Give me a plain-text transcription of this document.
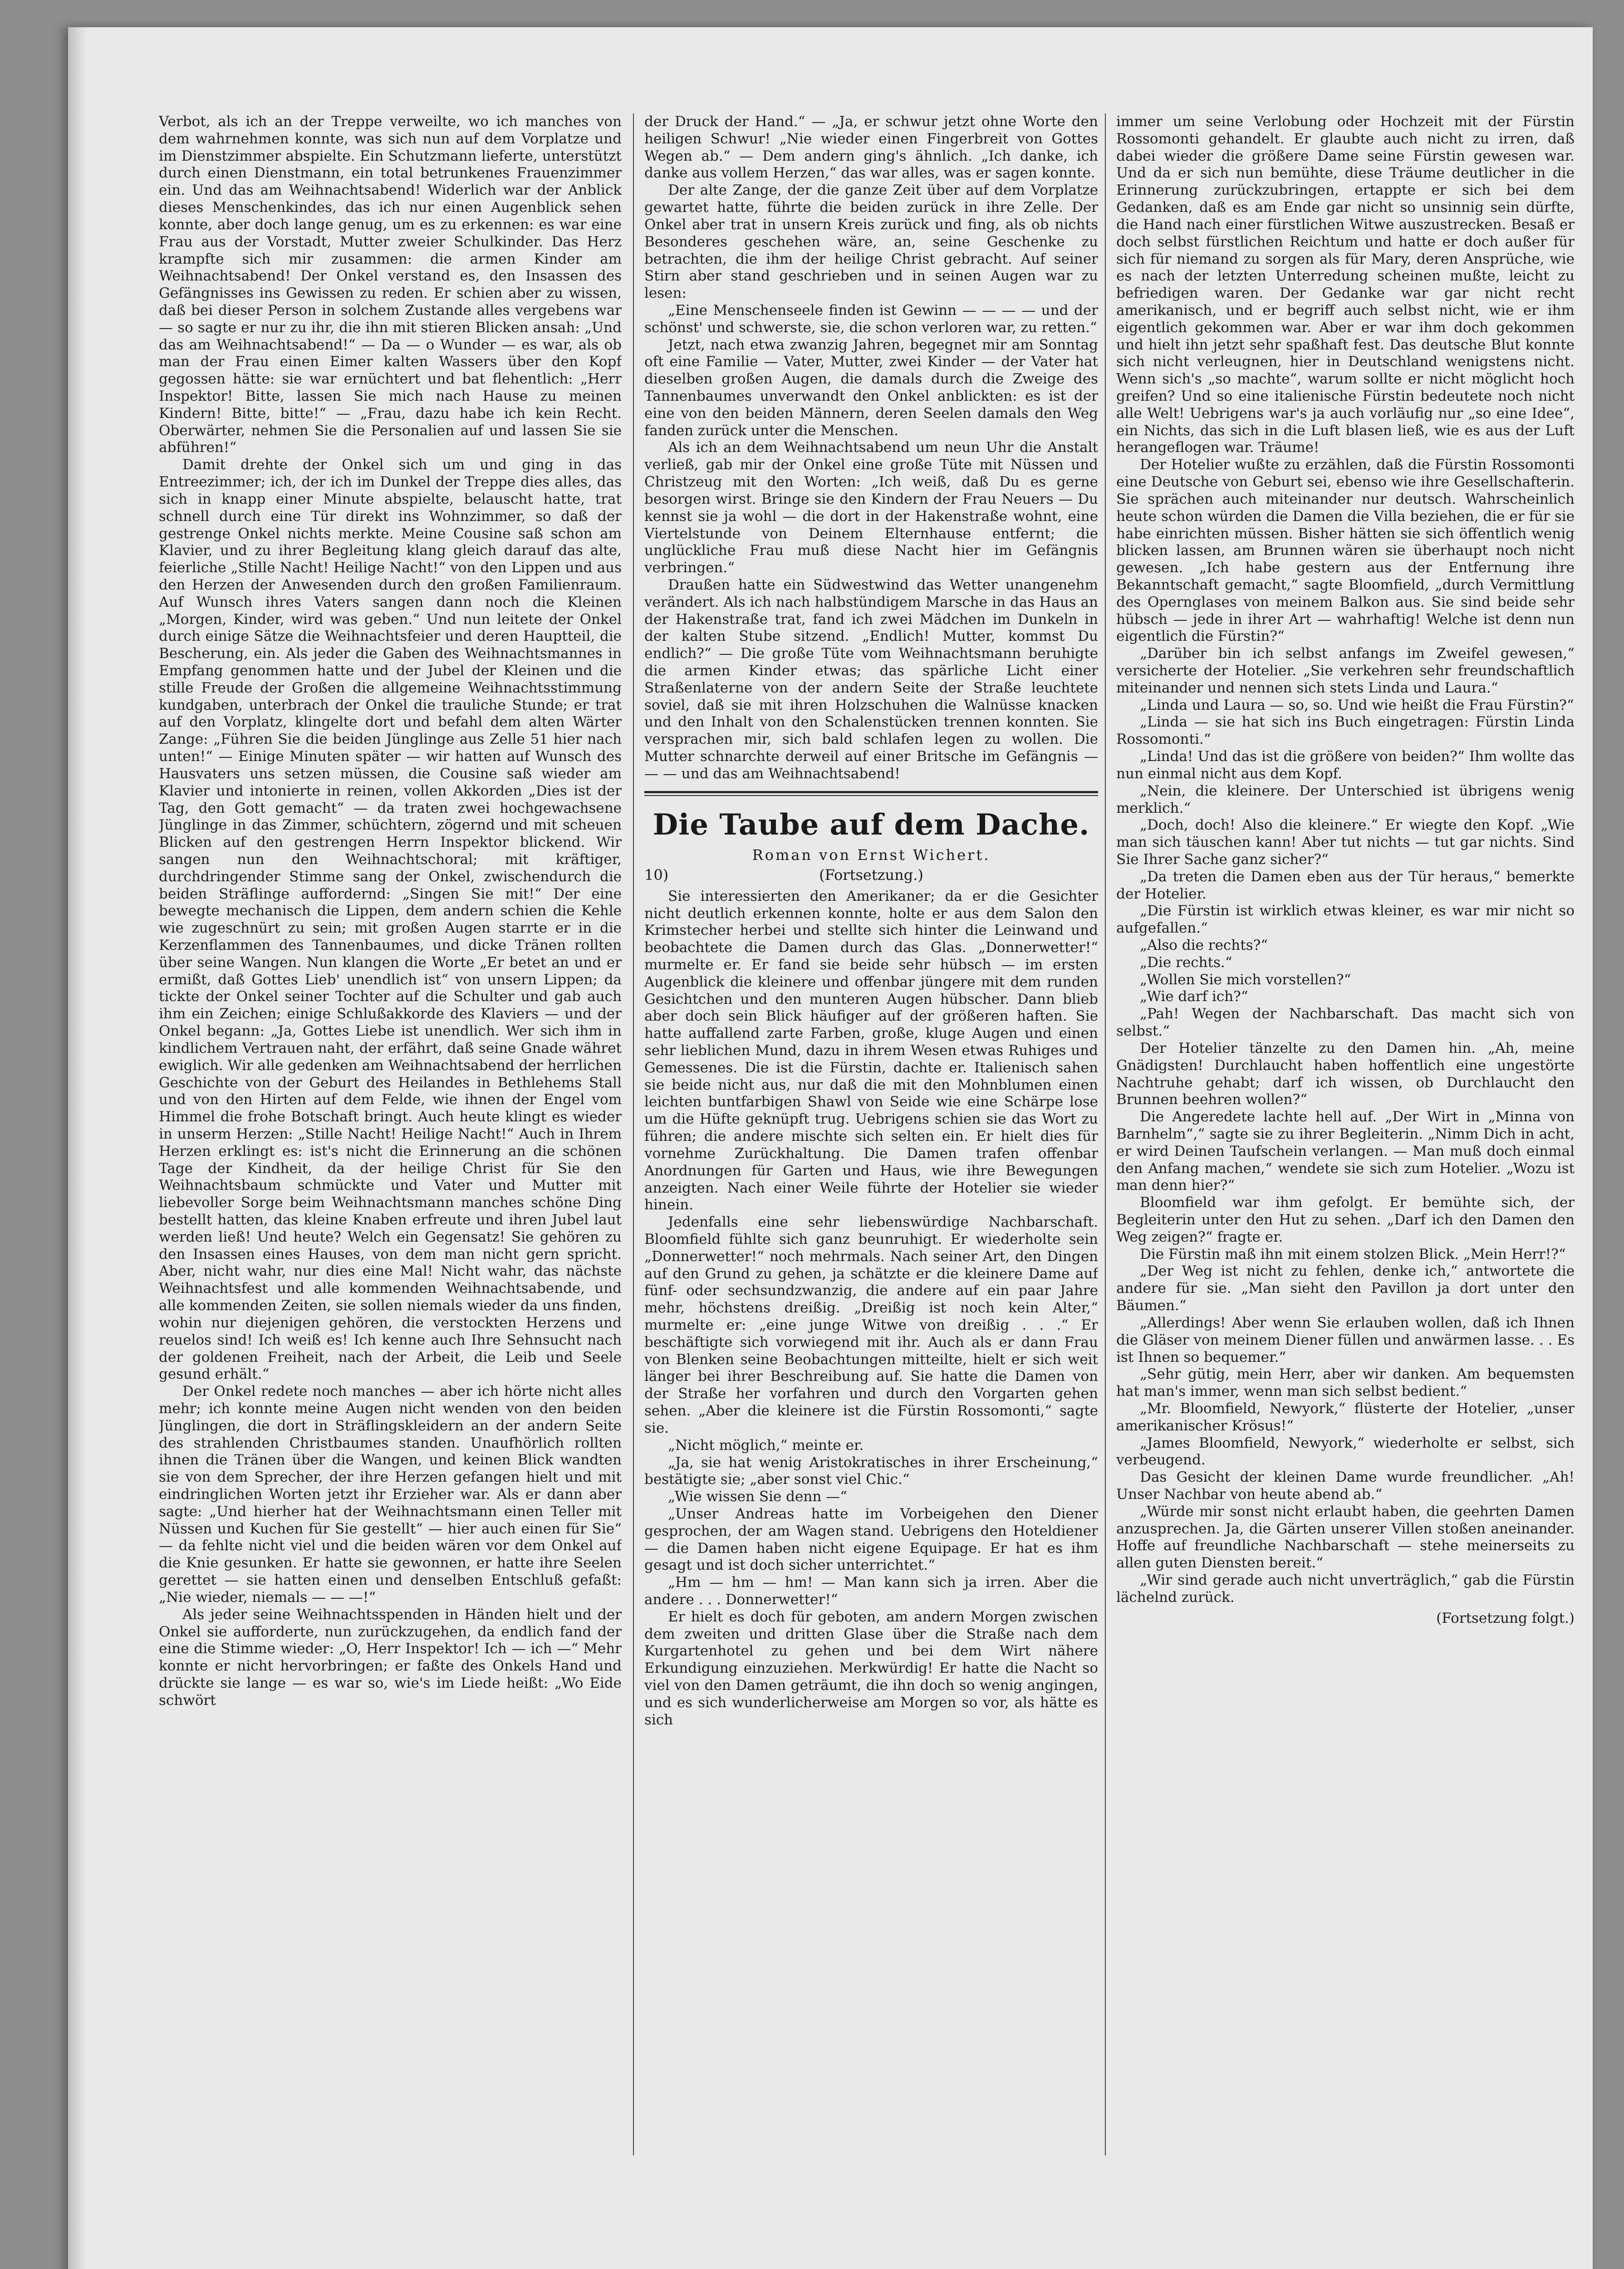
Verbot, als ich an der Treppe verweilte, wo ich manches von dem wahrnehmen konnte, was sich nun auf dem Vorplatze und im Dienstzimmer abspielte. Ein Schutzmann lieferte, unterstützt durch einen Dienstmann, ein total betrunkenes Frauenzimmer ein. Und das am Weihnachtsabend! Widerlich war der Anblick dieses Menschenkindes, das ich nur einen Augenblick sehen konnte, aber doch lange genug, um es zu erkennen: es war eine Frau aus der Vorstadt, Mutter zweier Schulkinder. Das Herz krampfte sich mir zusammen: die armen Kinder am Weihnachtsabend! Der Onkel verstand es, den Insassen des Gefängnisses ins Gewissen zu reden. Er schien aber zu wissen, daß bei dieser Person in solchem Zustande alles vergebens war — so sagte er nur zu ihr, die ihn mit stieren Blicken ansah: „Und das am Weihnachtsabend!“ — Da — o Wunder — es war, als ob man der Frau einen Eimer kalten Wassers über den Kopf gegossen hätte: sie war ernüchtert und bat flehentlich: „Herr Inspektor! Bitte, lassen Sie mich nach Hause zu meinen Kindern! Bitte, bitte!“ — „Frau, dazu habe ich kein Recht. Oberwärter, nehmen Sie die Personalien auf und lassen Sie sie abführen!“

Damit drehte der Onkel sich um und ging in das Entreezimmer; ich, der ich im Dunkel der Treppe dies alles, das sich in knapp einer Minute abspielte, belauscht hatte, trat schnell durch eine Tür direkt ins Wohnzimmer, so daß der gestrenge Onkel nichts merkte. Meine Cousine saß schon am Klavier, und zu ihrer Begleitung klang gleich darauf das alte, feierliche „Stille Nacht! Heilige Nacht!“ von den Lippen und aus den Herzen der Anwesenden durch den großen Familienraum. Auf Wunsch ihres Vaters sangen dann noch die Kleinen „Morgen, Kinder, wird was geben.“ Und nun leitete der Onkel durch einige Sätze die Weihnachtsfeier und deren Hauptteil, die Bescherung, ein. Als jeder die Gaben des Weihnachtsmannes in Empfang genommen hatte und der Jubel der Kleinen und die stille Freude der Großen die allgemeine Weihnachtsstimmung kundgaben, unterbrach der Onkel die trauliche Stunde; er trat auf den Vorplatz, klingelte dort und befahl dem alten Wärter Zange: „Führen Sie die beiden Jünglinge aus Zelle 51 hier nach unten!“ — Einige Minuten später — wir hatten auf Wunsch des Hausvaters uns setzen müssen, die Cousine saß wieder am Klavier und intonierte in reinen, vollen Akkorden „Dies ist der Tag, den Gott gemacht“ — da traten zwei hochgewachsene Jünglinge in das Zimmer, schüchtern, zögernd und mit scheuen Blicken auf den gestrengen Herrn Inspektor blickend. Wir sangen nun den Weihnachtschoral; mit kräftiger, durchdringender Stimme sang der Onkel, zwischendurch die beiden Sträflinge auffordernd: „Singen Sie mit!“ Der eine bewegte mechanisch die Lippen, dem andern schien die Kehle wie zugeschnürt zu sein; mit großen Augen starrte er in die Kerzenflammen des Tannenbaumes, und dicke Tränen rollten über seine Wangen. Nun klangen die Worte „Er betet an und er ermißt, daß Gottes Lieb' unendlich ist“ von unsern Lippen; da tickte der Onkel seiner Tochter auf die Schulter und gab auch ihm ein Zeichen; einige Schlußakkorde des Klaviers — und der Onkel begann: „Ja, Gottes Liebe ist unendlich. Wer sich ihm in kindlichem Vertrauen naht, der erfährt, daß seine Gnade währet ewiglich. Wir alle gedenken am Weihnachtsabend der herrlichen Geschichte von der Geburt des Heilandes in Bethlehems Stall und von den Hirten auf dem Felde, wie ihnen der Engel vom Himmel die frohe Botschaft bringt. Auch heute klingt es wieder in unserm Herzen: „Stille Nacht! Heilige Nacht!“ Auch in Ihrem Herzen erklingt es: ist's nicht die Erinnerung an die schönen Tage der Kindheit, da der heilige Christ für Sie den Weihnachtsbaum schmückte und Vater und Mutter mit liebevoller Sorge beim Weihnachtsmann manches schöne Ding bestellt hatten, das kleine Knaben erfreute und ihren Jubel laut werden ließ! Und heute? Welch ein Gegensatz! Sie gehören zu den Insassen eines Hauses, von dem man nicht gern spricht. Aber, nicht wahr, nur dies eine Mal! Nicht wahr, das nächste Weihnachtsfest und alle kommenden Weihnachtsabende, und alle kommenden Zeiten, sie sollen niemals wieder da uns finden, wohin nur diejenigen gehören, die verstockten Herzens und reuelos sind! Ich weiß es! Ich kenne auch Ihre Sehnsucht nach der goldenen Freiheit, nach der Arbeit, die Leib und Seele gesund erhält.“

Der Onkel redete noch manches — aber ich hörte nicht alles mehr; ich konnte meine Augen nicht wenden von den beiden Jünglingen, die dort in Sträflingskleidern an der andern Seite des strahlenden Christbaumes standen. Unaufhörlich rollten ihnen die Tränen über die Wangen, und keinen Blick wandten sie von dem Sprecher, der ihre Herzen gefangen hielt und mit eindringlichen Worten jetzt ihr Erzieher war. Als er dann aber sagte: „Und hierher hat der Weihnachtsmann einen Teller mit Nüssen und Kuchen für Sie gestellt“ — hier auch einen für Sie“ — da fehlte nicht viel und die beiden wären vor dem Onkel auf die Knie gesunken. Er hatte sie gewonnen, er hatte ihre Seelen gerettet — sie hatten einen und denselben Entschluß gefaßt: „Nie wieder, niemals — — —!“

Als jeder seine Weihnachtsspenden in Händen hielt und der Onkel sie aufforderte, nun zurückzugehen, da endlich fand der eine die Stimme wieder: „O, Herr Inspektor! Ich — ich —“ Mehr konnte er nicht hervorbringen; er faßte des Onkels Hand und drückte sie lange — es war so, wie's im Liede heißt: „Wo Eide schwört

der Druck der Hand.“ — „Ja, er schwur jetzt ohne Worte den heiligen Schwur! „Nie wieder einen Fingerbreit von Gottes Wegen ab.“ — Dem andern ging's ähnlich. „Ich danke, ich danke aus vollem Herzen,“ das war alles, was er sagen konnte.

Der alte Zange, der die ganze Zeit über auf dem Vorplatze gewartet hatte, führte die beiden zurück in ihre Zelle. Der Onkel aber trat in unsern Kreis zurück und fing, als ob nichts Besonderes geschehen wäre, an, seine Geschenke zu betrachten, die ihm der heilige Christ gebracht. Auf seiner Stirn aber stand geschrieben und in seinen Augen war zu lesen:

„Eine Menschenseele finden ist Gewinn — — — — und der schönst' und schwerste, sie, die schon verloren war, zu retten.“

Jetzt, nach etwa zwanzig Jahren, begegnet mir am Sonntag oft eine Familie — Vater, Mutter, zwei Kinder — der Vater hat dieselben großen Augen, die damals durch die Zweige des Tannenbaumes unverwandt den Onkel anblickten: es ist der eine von den beiden Männern, deren Seelen damals den Weg fanden zurück unter die Menschen.

Als ich an dem Weihnachtsabend um neun Uhr die Anstalt verließ, gab mir der Onkel eine große Tüte mit Nüssen und Christzeug mit den Worten: „Ich weiß, daß Du es gerne besorgen wirst. Bringe sie den Kindern der Frau Neuers — Du kennst sie ja wohl — die dort in der Hakenstraße wohnt, eine Viertelstunde von Deinem Elternhause entfernt; die unglückliche Frau muß diese Nacht hier im Gefängnis verbringen.“

Draußen hatte ein Südwestwind das Wetter unangenehm verändert. Als ich nach halbstündigem Marsche in das Haus an der Hakenstraße trat, fand ich zwei Mädchen im Dunkeln in der kalten Stube sitzend. „Endlich! Mutter, kommst Du endlich?“ — Die große Tüte vom Weihnachtsmann beruhigte die armen Kinder etwas; das spärliche Licht einer Straßenlaterne von der andern Seite der Straße leuchtete soviel, daß sie mit ihren Holzschuhen die Walnüsse knacken und den Inhalt von den Schalenstücken trennen konnten. Sie versprachen mir, sich bald schlafen legen zu wollen. Die Mutter schnarchte derweil auf einer Britsche im Gefängnis — — — und das am Weihnachtsabend!

Die Taube auf dem Dache.
Roman von Ernst Wichert.
10)	(Fortsetzung.)

Sie interessierten den Amerikaner; da er die Gesichter nicht deutlich erkennen konnte, holte er aus dem Salon den Krimstecher herbei und stellte sich hinter die Leinwand und beobachtete die Damen durch das Glas. „Donnerwetter!“ murmelte er. Er fand sie beide sehr hübsch — im ersten Augenblick die kleinere und offenbar jüngere mit dem runden Gesichtchen und den munteren Augen hübscher. Dann blieb aber doch sein Blick häufiger auf der größeren haften. Sie hatte auffallend zarte Farben, große, kluge Augen und einen sehr lieblichen Mund, dazu in ihrem Wesen etwas Ruhiges und Gemessenes. Die ist die Fürstin, dachte er. Italienisch sahen sie beide nicht aus, nur daß die mit den Mohnblumen einen leichten buntfarbigen Shawl von Seide wie eine Schärpe lose um die Hüfte geknüpft trug. Uebrigens schien sie das Wort zu führen; die andere mischte sich selten ein. Er hielt dies für vornehme Zurückhaltung. Die Damen trafen offenbar Anordnungen für Garten und Haus, wie ihre Bewegungen anzeigten. Nach einer Weile führte der Hotelier sie wieder hinein.

Jedenfalls eine sehr liebenswürdige Nachbarschaft. Bloomfield fühlte sich ganz beunruhigt. Er wiederholte sein „Donnerwetter!“ noch mehrmals. Nach seiner Art, den Dingen auf den Grund zu gehen, ja schätzte er die kleinere Dame auf fünf- oder sechsundzwanzig, die andere auf ein paar Jahre mehr, höchstens dreißig. „Dreißig ist noch kein Alter,“ murmelte er: „eine junge Witwe von dreißig . . .“ Er beschäftigte sich vorwiegend mit ihr. Auch als er dann Frau von Blenken seine Beobachtungen mitteilte, hielt er sich weit länger bei ihrer Beschreibung auf. Sie hatte die Damen von der Straße her vorfahren und durch den Vorgarten gehen sehen. „Aber die kleinere ist die Fürstin Rossomonti,“ sagte sie.

„Nicht möglich,“ meinte er.

„Ja, sie hat wenig Aristokratisches in ihrer Erscheinung,“ bestätigte sie; „aber sonst viel Chic.“

„Wie wissen Sie denn —“

„Unser Andreas hatte im Vorbeigehen den Diener gesprochen, der am Wagen stand. Uebrigens den Hoteldiener — die Damen haben nicht eigene Equipage. Er hat es ihm gesagt und ist doch sicher unterrichtet.“

„Hm — hm — hm! — Man kann sich ja irren. Aber die andere . . . Donnerwetter!“

Er hielt es doch für geboten, am andern Morgen zwischen dem zweiten und dritten Glase über die Straße nach dem Kurgartenhotel zu gehen und bei dem Wirt nähere Erkundigung einzuziehen. Merkwürdig! Er hatte die Nacht so viel von den Damen geträumt, die ihn doch so wenig angingen, und es sich wunderlicherweise am Morgen so vor, als hätte es sich

immer um seine Verlobung oder Hochzeit mit der Fürstin Rossomonti gehandelt. Er glaubte auch nicht zu irren, daß dabei wieder die größere Dame seine Fürstin gewesen war. Und da er sich nun bemühte, diese Träume deutlicher in die Erinnerung zurückzubringen, ertappte er sich bei dem Gedanken, daß es am Ende gar nicht so unsinnig sein dürfte, die Hand nach einer fürstlichen Witwe auszustrecken. Besaß er doch selbst fürstlichen Reichtum und hatte er doch außer für sich für niemand zu sorgen als für Mary, deren Ansprüche, wie es nach der letzten Unterredung scheinen mußte, leicht zu befriedigen waren. Der Gedanke war gar nicht recht amerikanisch, und er begriff auch selbst nicht, wie er ihm eigentlich gekommen war. Aber er war ihm doch gekommen und hielt ihn jetzt sehr spaßhaft fest. Das deutsche Blut konnte sich nicht verleugnen, hier in Deutschland wenigstens nicht. Wenn sich's „so machte“, warum sollte er nicht möglicht hoch greifen? Und so eine italienische Fürstin bedeutete noch nicht alle Welt! Uebrigens war's ja auch vorläufig nur „so eine Idee“, ein Nichts, das sich in die Luft blasen ließ, wie es aus der Luft herangeflogen war. Träume!

Der Hotelier wußte zu erzählen, daß die Fürstin Rossomonti eine Deutsche von Geburt sei, ebenso wie ihre Gesellschafterin. Sie sprächen auch miteinander nur deutsch. Wahrscheinlich heute schon würden die Damen die Villa beziehen, die er für sie habe einrichten müssen. Bisher hätten sie sich öffentlich wenig blicken lassen, am Brunnen wären sie überhaupt noch nicht gewesen. „Ich habe gestern aus der Entfernung ihre Bekanntschaft gemacht,“ sagte Bloomfield, „durch Vermittlung des Opernglases von meinem Balkon aus. Sie sind beide sehr hübsch — jede in ihrer Art — wahrhaftig! Welche ist denn nun eigentlich die Fürstin?“

„Darüber bin ich selbst anfangs im Zweifel gewesen,“ versicherte der Hotelier. „Sie verkehren sehr freundschaftlich miteinander und nennen sich stets Linda und Laura.“

„Linda und Laura — so, so. Und wie heißt die Frau Fürstin?“

„Linda — sie hat sich ins Buch eingetragen: Fürstin Linda Rossomonti.“

„Linda! Und das ist die größere von beiden?“ Ihm wollte das nun einmal nicht aus dem Kopf.

„Nein, die kleinere. Der Unterschied ist übrigens wenig merklich.“

„Doch, doch! Also die kleinere.“ Er wiegte den Kopf. „Wie man sich täuschen kann! Aber tut nichts — tut gar nichts. Sind Sie Ihrer Sache ganz sicher?“

„Da treten die Damen eben aus der Tür heraus,“ bemerkte der Hotelier.

„Die Fürstin ist wirklich etwas kleiner, es war mir nicht so aufgefallen.“

„Also die rechts?“

„Die rechts.“

„Wollen Sie mich vorstellen?“

„Wie darf ich?“

„Pah! Wegen der Nachbarschaft. Das macht sich von selbst.“

Der Hotelier tänzelte zu den Damen hin. „Ah, meine Gnädigsten! Durchlaucht haben hoffentlich eine ungestörte Nachtruhe gehabt; darf ich wissen, ob Durchlaucht den Brunnen beehren wollen?“

Die Angeredete lachte hell auf. „Der Wirt in „Minna von Barnhelm“,“ sagte sie zu ihrer Begleiterin. „Nimm Dich in acht, er wird Deinen Taufschein verlangen. — Man muß doch einmal den Anfang machen,“ wendete sie sich zum Hotelier. „Wozu ist man denn hier?“

Bloomfield war ihm gefolgt. Er bemühte sich, der Begleiterin unter den Hut zu sehen. „Darf ich den Damen den Weg zeigen?“ fragte er.

Die Fürstin maß ihn mit einem stolzen Blick. „Mein Herr!?“

„Der Weg ist nicht zu fehlen, denke ich,“ antwortete die andere für sie. „Man sieht den Pavillon ja dort unter den Bäumen.“

„Allerdings! Aber wenn Sie erlauben wollen, daß ich Ihnen die Gläser von meinem Diener füllen und anwärmen lasse. . . Es ist Ihnen so bequemer.“

„Sehr gütig, mein Herr, aber wir danken. Am bequemsten hat man's immer, wenn man sich selbst bedient.“

„Mr. Bloomfield, Newyork,“ flüsterte der Hotelier, „unser amerikanischer Krösus!“

„James Bloomfield, Newyork,“ wiederholte er selbst, sich verbeugend.

Das Gesicht der kleinen Dame wurde freundlicher. „Ah! Unser Nachbar von heute abend ab.“

„Würde mir sonst nicht erlaubt haben, die geehrten Damen anzusprechen. Ja, die Gärten unserer Villen stoßen aneinander. Hoffe auf freundliche Nachbarschaft — stehe meinerseits zu allen guten Diensten bereit.“

„Wir sind gerade auch nicht unverträglich,“ gab die Fürstin lächelnd zurück.

(Fortsetzung folgt.)
